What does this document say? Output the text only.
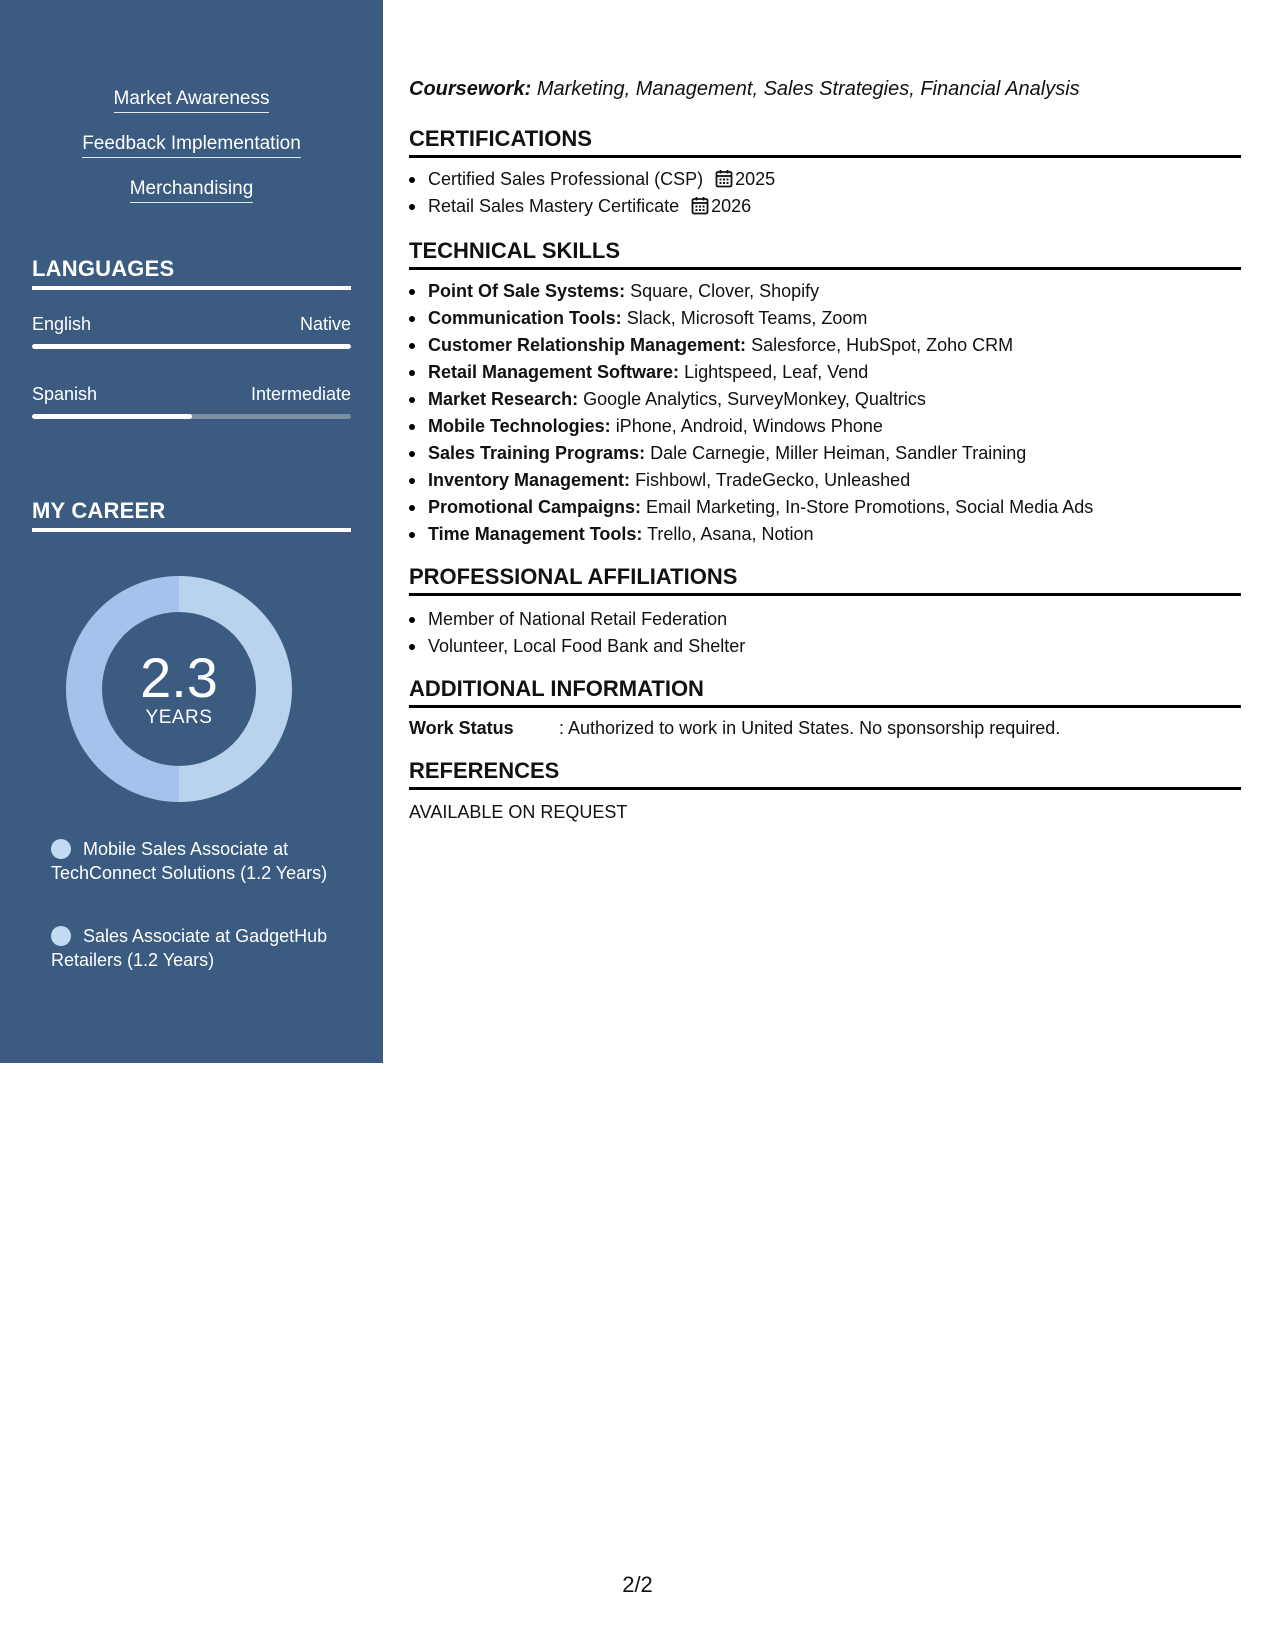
Market Awareness
Feedback Implementation
Merchandising
LANGUAGES
English	Native
Spanish	Intermediate
MY CAREER
2.3
YEARS
Mobile Sales Associate at TechConnect Solutions (1.2 Years)
Sales Associate at GadgetHub Retailers (1.2 Years)
Coursework: Marketing, Management, Sales Strategies, Financial Analysis
CERTIFICATIONS
Certified Sales Professional (CSP) 2025
Retail Sales Mastery Certificate 2026
TECHNICAL SKILLS
Point Of Sale Systems: Square, Clover, Shopify
Communication Tools: Slack, Microsoft Teams, Zoom
Customer Relationship Management: Salesforce, HubSpot, Zoho CRM
Retail Management Software: Lightspeed, Leaf, Vend
Market Research: Google Analytics, SurveyMonkey, Qualtrics
Mobile Technologies: iPhone, Android, Windows Phone
Sales Training Programs: Dale Carnegie, Miller Heiman, Sandler Training
Inventory Management: Fishbowl, TradeGecko, Unleashed
Promotional Campaigns: Email Marketing, In-Store Promotions, Social Media Ads
Time Management Tools: Trello, Asana, Notion
PROFESSIONAL AFFILIATIONS
Member of National Retail Federation
Volunteer, Local Food Bank and Shelter
ADDITIONAL INFORMATION
Work Status	: Authorized to work in United States. No sponsorship required.
REFERENCES
AVAILABLE ON REQUEST
2/2
